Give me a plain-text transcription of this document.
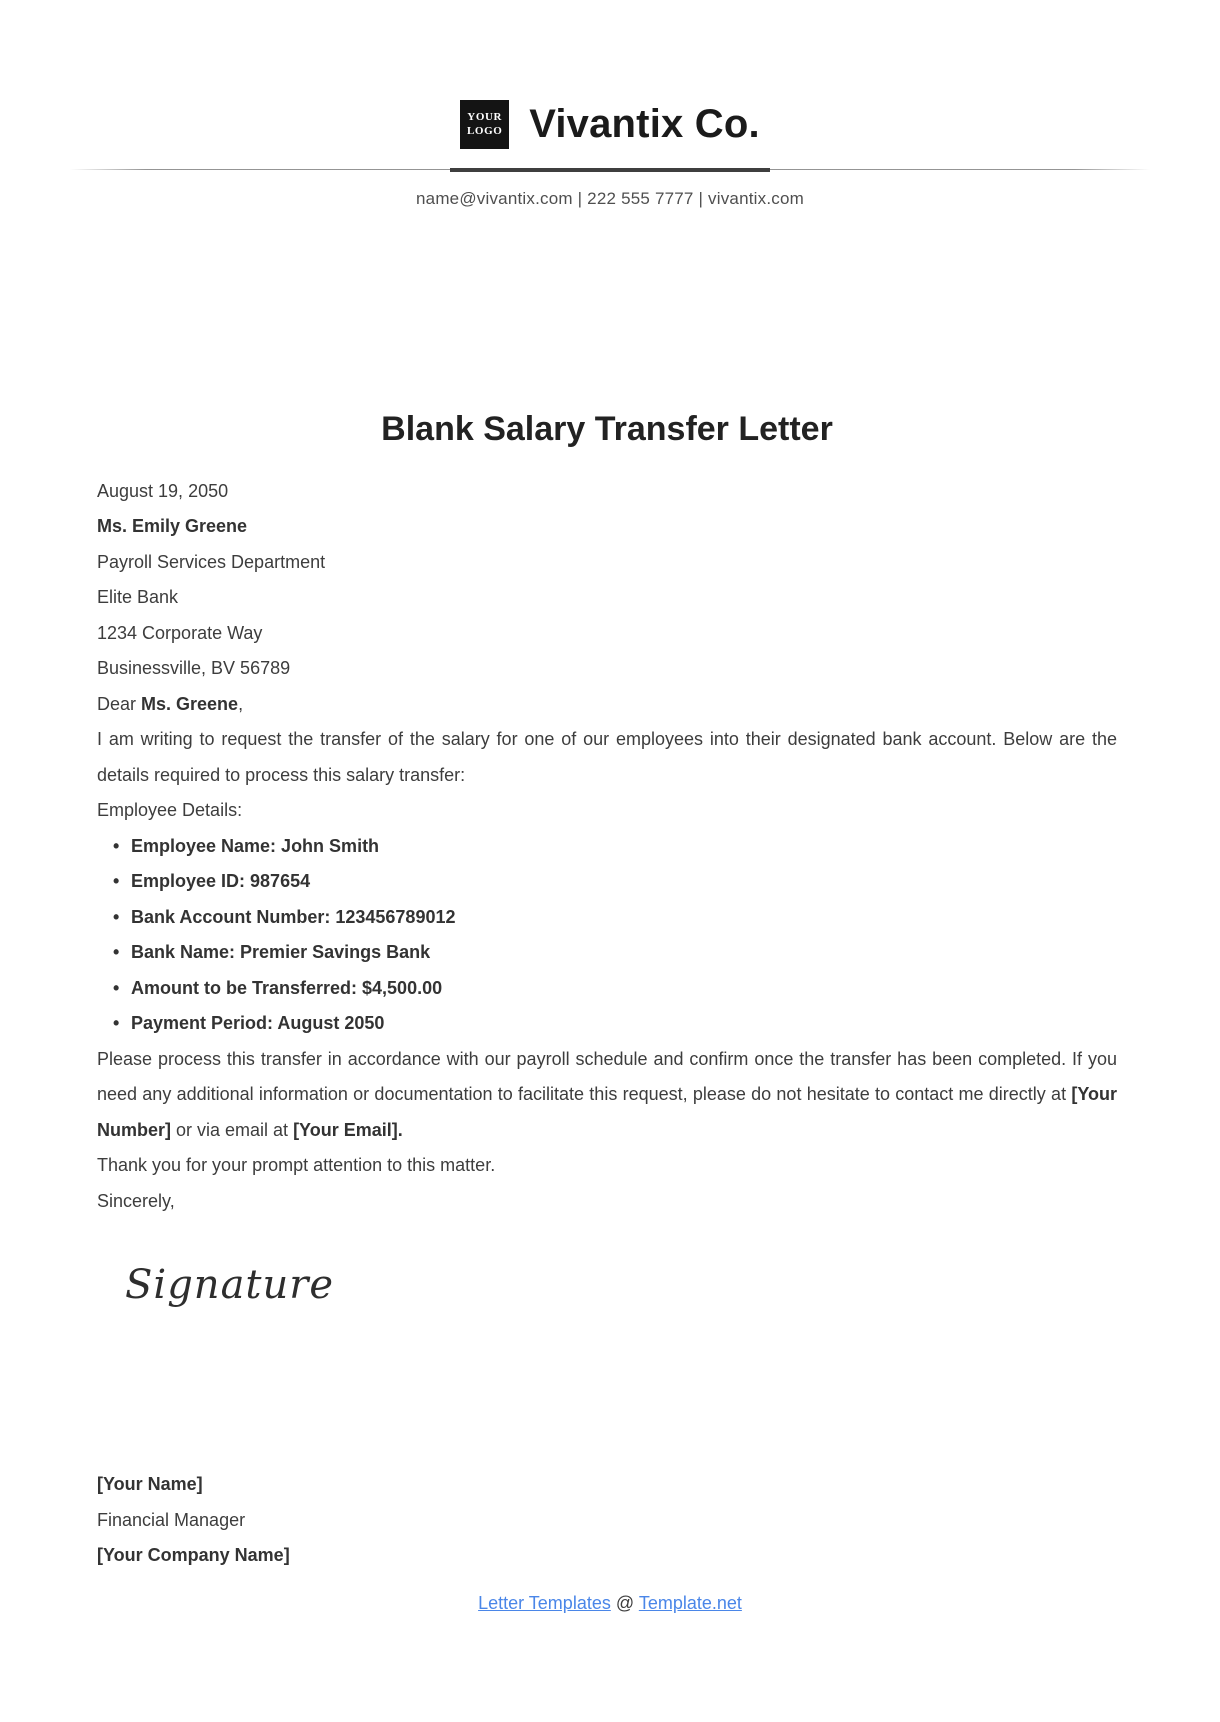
YOUR
LOGO Vivantix Co.
name@vivantix.com | 222 555 7777 | vivantix.com
Blank Salary Transfer Letter

August 19, 2050

Ms. Emily Greene

Payroll Services Department

Elite Bank

1234 Corporate Way

Businessville, BV 56789

Dear Ms. Greene,

I am writing to request the transfer of the salary for one of our employees into their designated bank account. Below are the details required to process this salary transfer:

Employee Details:

• Employee Name: John Smith
• Employee ID: 987654
• Bank Account Number: 123456789012
• Bank Name: Premier Savings Bank
• Amount to be Transferred: $4,500.00
• Payment Period: August 2050

Please process this transfer in accordance with our payroll schedule and confirm once the transfer has been completed. If you need any additional information or documentation to facilitate this request, please do not hesitate to contact me directly at [Your Number] or via email at [Your Email].

Thank you for your prompt attention to this matter.

Sincerely,

Signature

[Your Name]

Financial Manager

[Your Company Name]

Letter Templates @ Template.net
